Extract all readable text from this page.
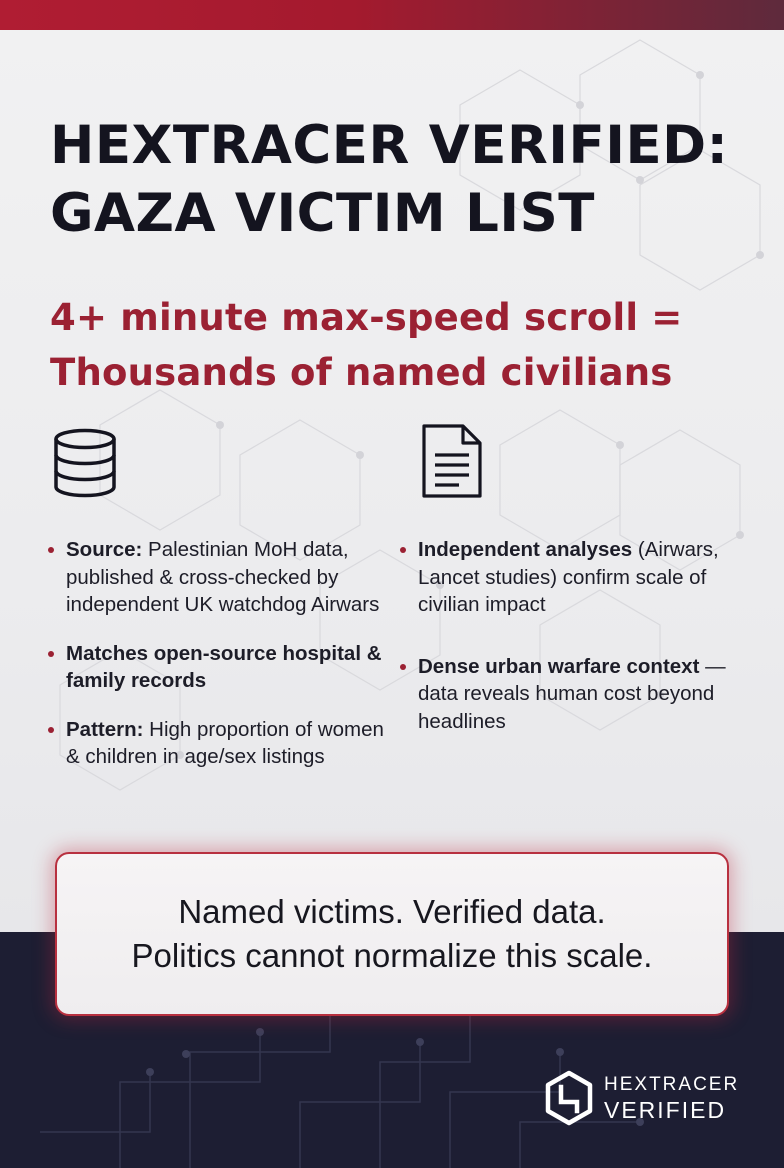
HEXTRACER VERIFIED:
GAZA VICTIM LIST
4+ minute max-speed scroll =
Thousands of named civilians

Source: Palestinian MoH data, published & cross-checked by independent UK watchdog Airwars

Matches open-source hospital & family records

Pattern: High proportion of women & children in age/sex listings

Independent analyses (Airwars, Lancet studies) confirm scale of civilian impact

Dense urban warfare context — data reveals human cost beyond headlines

Named victims. Verified data.
Politics cannot normalize this scale.
HEXTRACER
VERIFIED
